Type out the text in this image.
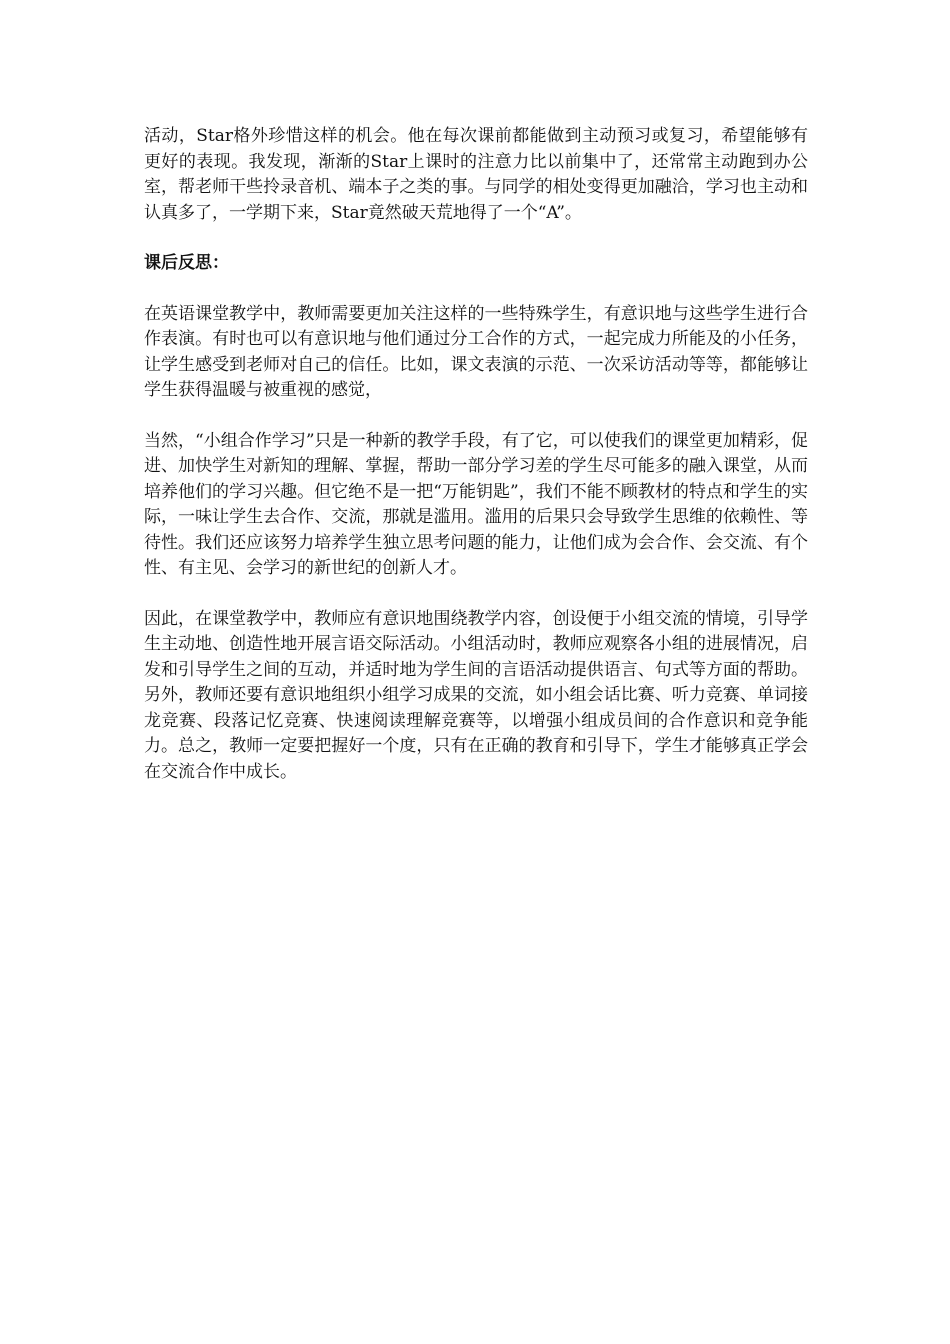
活动，Star格外珍惜这样的机会。他在每次课前都能做到主动预习或复习，希望能够有更好的表现。我发现，渐渐的Star上课时的注意力比以前集中了，还常常主动跑到办公室，帮老师干些拎录音机、端本子之类的事。与同学的相处变得更加融洽，学习也主动和认真多了，一学期下来，Star竟然破天荒地得了一个“A”。

课后反思：

在英语课堂教学中，教师需要更加关注这样的一些特殊学生，有意识地与这些学生进行合作表演。有时也可以有意识地与他们通过分工合作的方式，一起完成力所能及的小任务，让学生感受到老师对自己的信任。比如，课文表演的示范、一次采访活动等等，都能够让学生获得温暖与被重视的感觉，

当然，“小组合作学习”只是一种新的教学手段，有了它，可以使我们的课堂更加精彩，促进、加快学生对新知的理解、掌握，帮助一部分学习差的学生尽可能多的融入课堂，从而培养他们的学习兴趣。但它绝不是一把“万能钥匙”，我们不能不顾教材的特点和学生的实际，一味让学生去合作、交流，那就是滥用。滥用的后果只会导致学生思维的依赖性、等待性。我们还应该努力培养学生独立思考问题的能力，让他们成为会合作、会交流、有个性、有主见、会学习的新世纪的创新人才。

因此，在课堂教学中，教师应有意识地围绕教学内容，创设便于小组交流的情境，引导学生主动地、创造性地开展言语交际活动。小组活动时，教师应观察各小组的进展情况，启发和引导学生之间的互动，并适时地为学生间的言语活动提供语言、句式等方面的帮助。另外，教师还要有意识地组织小组学习成果的交流，如小组会话比赛、听力竞赛、单词接龙竞赛、段落记忆竞赛、快速阅读理解竞赛等，以增强小组成员间的合作意识和竞争能力。总之，教师一定要把握好一个度，只有在正确的教育和引导下，学生才能够真正学会在交流合作中成长。
